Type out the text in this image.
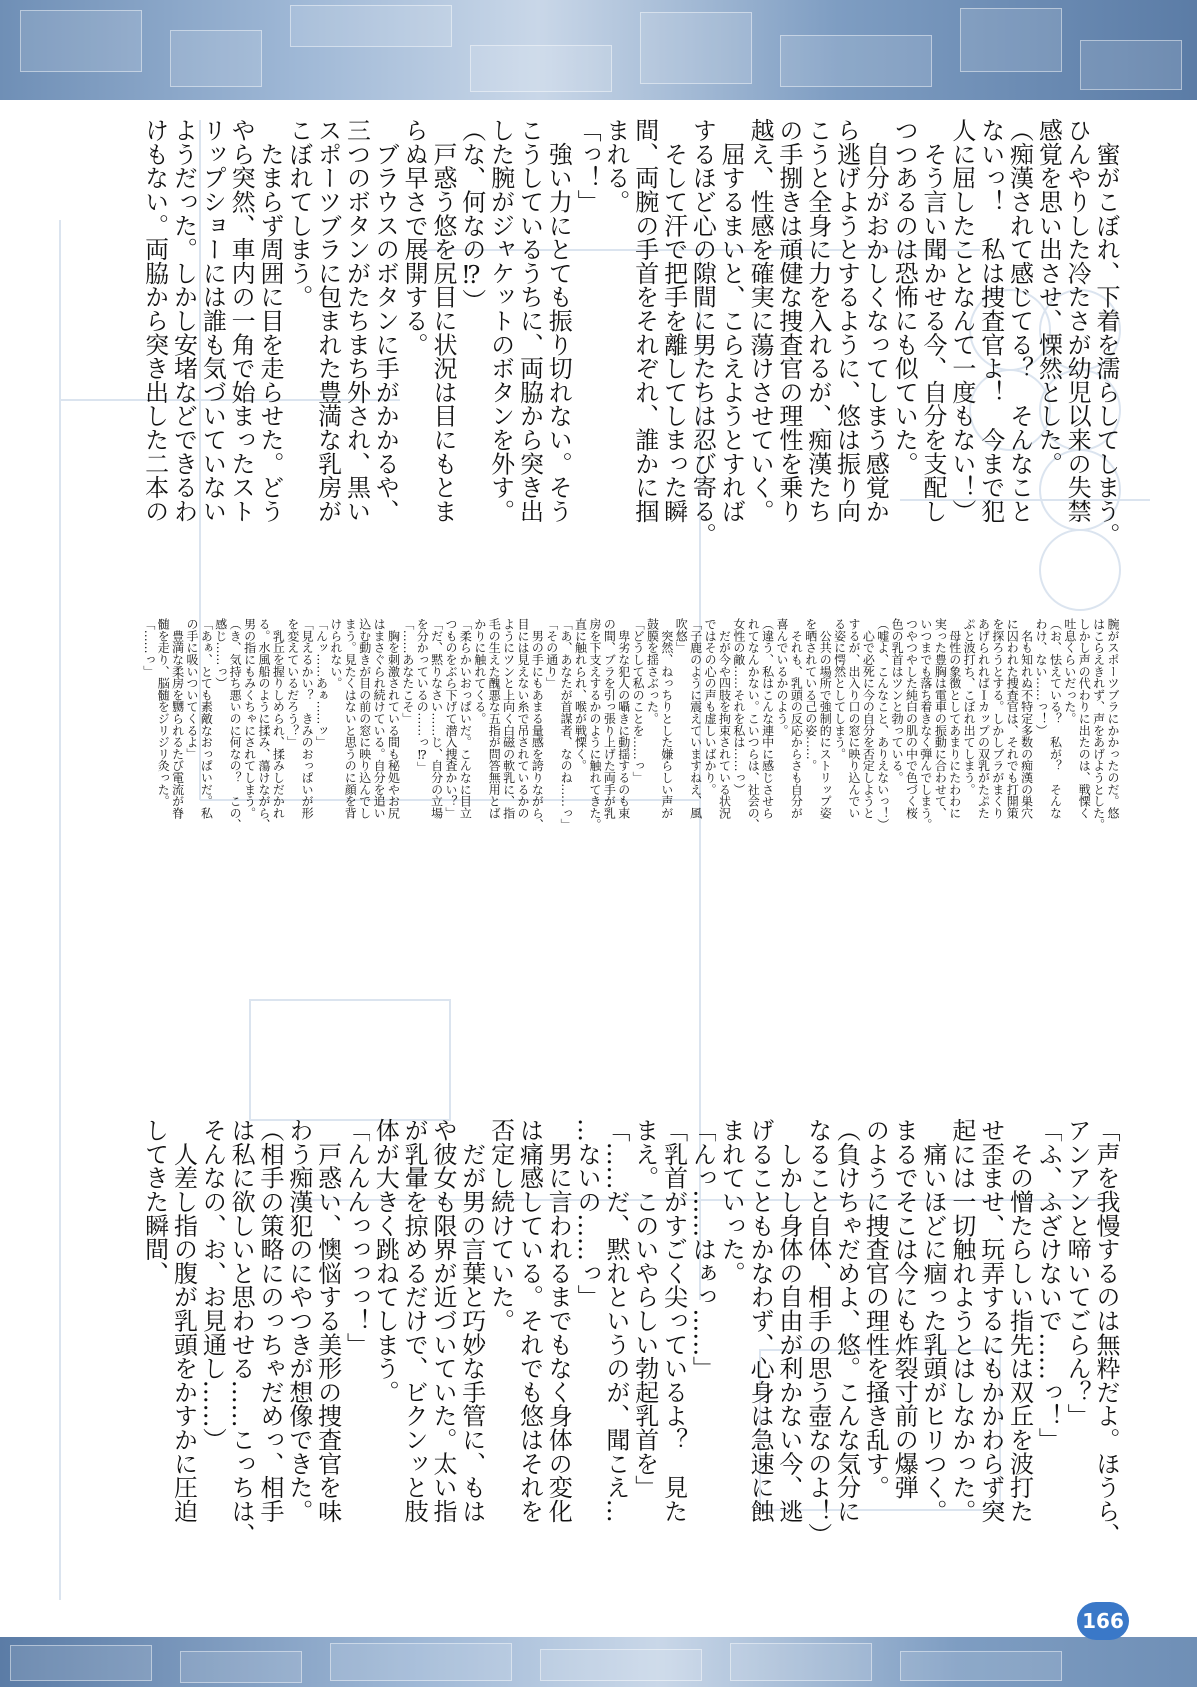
　蜜がこぼれ、下着を濡らしてしまう。
ひんやりした冷たさが幼児以来の失禁
感覚を思い出させ、慄然とした。
（痴漢されて感じてる？　そんなこと
ないっ！　私は捜査官よ！　今まで犯
人に屈したことなんて一度もない！）
　そう言い聞かせる今、自分を支配し
つつあるのは恐怖にも似ていた。
　自分がおかしくなってしまう感覚か
ら逃げようとするように、悠は振り向
こうと全身に力を入れるが、痴漢たち
の手捌きは頑健な捜査官の理性を乗り
越え、性感を確実に蕩けさせていく。
　屈するまいと、こらえようとすれば
するほど心の隙間に男たちは忍び寄る。
　そして汗で把手を離してしまった瞬
間、両腕の手首をそれぞれ、誰かに掴
まれる。
「っ！」
　強い力にとても振り切れない。そう
こうしているうちに、両脇から突き出
した腕がジャケットのボタンを外す。
（な、何なの⁉）
　戸惑う悠を尻目に状況は目にもとま
らぬ早さで展開する。
　ブラウスのボタンに手がかかるや、
三つのボタンがたちまち外され、黒い
スポーツブラに包まれた豊満な乳房が
こぼれてしまう。
　たまらず周囲に目を走らせた。どう
やら突然、車内の一角で始まったスト
リップショーには誰も気づいていない
ようだった。しかし安堵などできるわ
けもない。両脇から突き出した二本の
腕がスポーツブラにかかったのだ。悠
はこらえきれず、声をあげようとした。
しかし声の代わりに出たのは、戦慄く
吐息くらいだった。
（お、怯えている？　私が？　そんな
わけ、ない……っ！）
　名も知れぬ不特定多数の痴漢の巣穴
に囚われた捜査官は、それでも打開策
を探ろうとする。しかしブラがまくり
あげられればＩカップの双乳がたぷた
ぷと波打ち、こぼれ出てしまう。
　母性の象徴としてあまりにたわわに
実った豊胸は電車の振動に合わせて、
いつまでも落ち着きなく弾んでしまう。
つやつやした純白の肌の中で色づく桜
色の乳首はツンと勃っている。
（嘘よ、こんなこと、ありえないっ！）
　心で必死に今の自分を否定しようと
するが、出入り口の窓に映り込んでい
る姿に愕然としてしまう。
　公共の場所で強制的にストリップ姿
を晒されている己の姿……。
　それも、乳頭の反応からさも自分が
喜んでいるかのよう。
（違う、私はこんな連中に感じさせら
れてなんかない。こいつらは、社会の、
女性の敵……それを私は……っ）
　だが今や四肢を拘束されている状況
ではその心の声も虚しいばかり。
「子鹿のように震えていますねえ、風
吹悠」
　突然、ねっちりとした嫌らしい声が
鼓膜を揺さぶった。
「どうして私のことを……っ」
　卑劣な犯人の囁きに動揺するのも束
の間、ブラを引っ張り上げた両手が乳
房を下支えするかのように触れてきた。
直に触れられ、喉が戦慄く。
「あ、あなたが首謀者、なのね……っ」
「その通り」
　男の手にもあまる量感を誇りながら、
目には見えない糸で吊されているかの
ようにツンと上向く白磁の軟乳に、指
毛の生えた醜悪な五指が問答無用とば
かりに触れてくる。
「柔らかいおっぱいだ。こんなに目立
つものをぶら下げて潜入捜査かい？」
「だ、黙りなさい……じ、自分の立場
を分かっているの……っ⁉」
「……あなたこそ」
　胸を刺激されている間も秘処やお尻
はまさぐられ続けている。自分を追い
込む動きが目の前の窓に映り込んでし
まう。見たくはないと思うのに顔を背
けられない。
「んッ……あぁ……ッ」
「見えるかい？　きみのおっぱいが形
を変えているだろう？」
　乳丘を握りしめられ、揉みしだかれ
る。水風船のように揉み、蕩けながら、
男の指にもみくちゃにされてしまう。
（き、気持ち悪いのに何なの？　この、
感じ……っ）
「あぁ、とても素敵なおっぱいだ。私
の手に吸いついてくるよ」
　豊満な柔房を嬲られるたび電流が脊
髄を走り、脳髄をジリジリ灸った。
「……っ」
「声を我慢するのは無粋だよ。ほうら、
アンアンと啼いてごらん？」
「ふ、ふざけないで……っ！」
　その憎たらしい指先は双丘を波打た
せ歪ませ、玩弄するにもかかわらず突
起には一切触れようとはしなかった。
　痛いほどに痼った乳頭がヒリつく。
まるでそこは今にも炸裂寸前の爆弾
のように捜査官の理性を掻き乱す。
（負けちゃだめよ、悠。こんな気分に
なること自体、相手の思う壺なのよ！）
　しかし身体の自由が利かない今、逃
げることもかなわず、心身は急速に蝕
まれていった。
「んっ……はぁっ……」
「乳首がすごく尖っているよ？　見た
まえ。このいやらしい勃起乳首を」
「……だ、黙れというのが、聞こえ…
…ないの……っ」
　男に言われるまでもなく身体の変化
は痛感している。それでも悠はそれを
否定し続けていた。
　だが男の言葉と巧妙な手管に、もは
や彼女も限界が近づいていた。太い指
が乳暈を掠めるだけで、ビクンッと肢
体が大きく跳ねてしまう。
「んんんっっっっ！」
　戸惑い、懊悩する美形の捜査官を味
わう痴漢犯のにやつきが想像できた。
（相手の策略にのっちゃだめっ、相手
は私に欲しいと思わせる……こっちは、
そんなの、お、お見通し……）
　人差し指の腹が乳頭をかすかに圧迫
してきた瞬間、
166
